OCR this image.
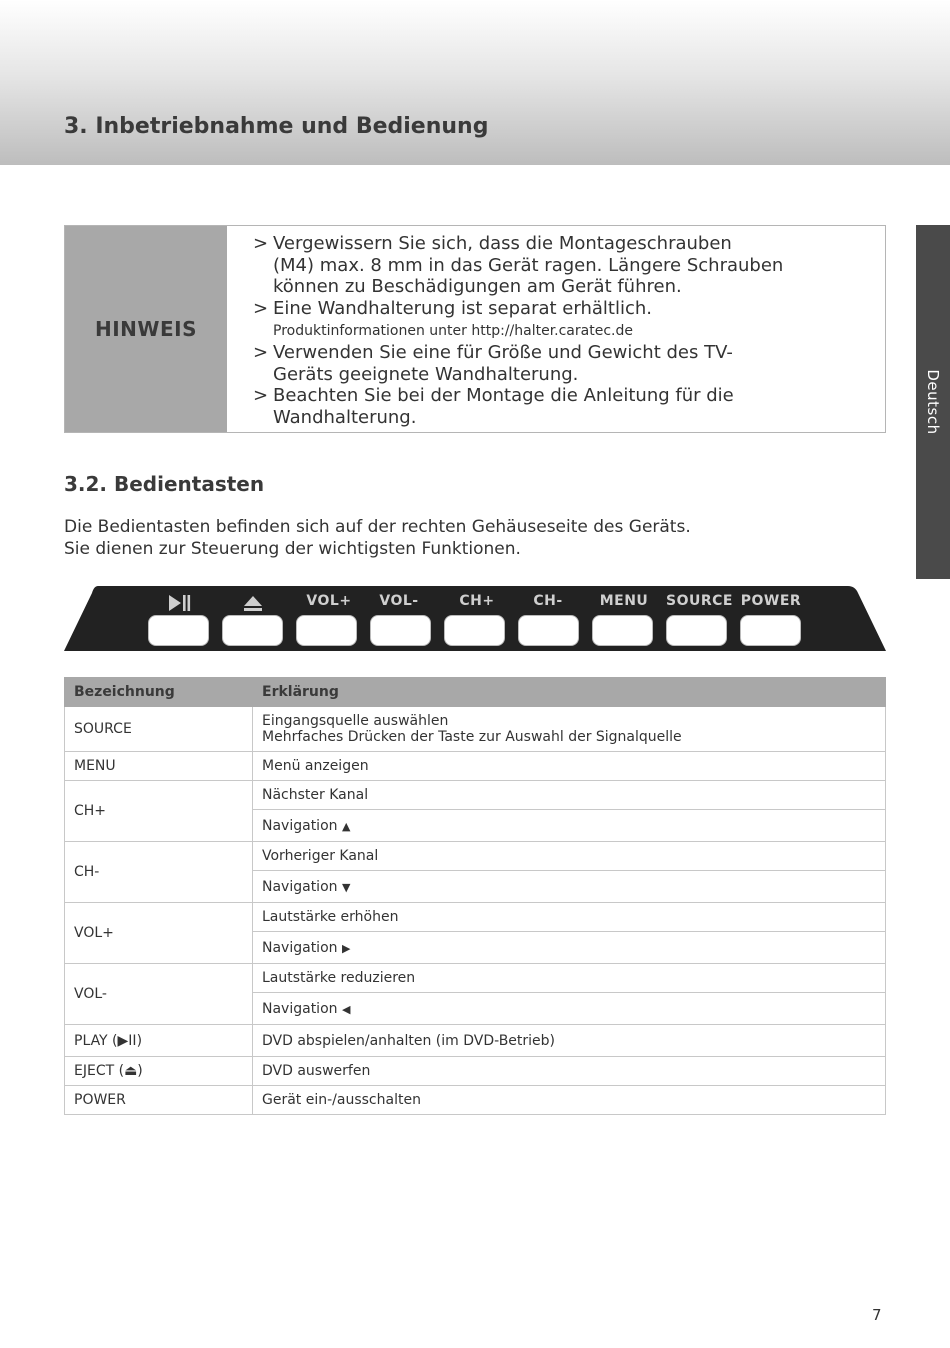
3. Inbetriebnahme und Bedienung
Deutsch
HINWEIS
> Vergewissern Sie sich, dass die Montageschrauben
(M4) max. 8 mm in das Gerät ragen. Längere Schrauben
können zu Beschädigungen am Gerät führen.
> Eine Wandhalterung ist separat erhältlich.
Produktinformationen unter http://halter.caratec.de
> Verwenden Sie eine für Größe und Gewicht des TV-
Geräts geeignete Wandhalterung.
> Beachten Sie bei der Montage die Anleitung für die
Wandhalterung.
3.2. Bedientasten
Die Bedientasten befinden sich auf der rechten Gehäuseseite des Geräts.
Sie dienen zur Steuerung der wichtigsten Funktionen.
VOL+	VOL-	CH+	CH-	MENU	SOURCE POWER
Bezeichnung	Erklärung
SOURCE	Eingangsquelle auswählen
Mehrfaches Drücken der Taste zur Auswahl der Signalquelle

MENU	Menü anzeigen
CH+	Nächster Kanal
	Navigation ▲
CH-	Vorheriger Kanal
	Navigation ▼
VOL+	Lautstärke erhöhen
	Navigation ▶
VOL-	Lautstärke reduzieren
	Navigation ◀
PLAY (▶II)	DVD abspielen/anhalten (im DVD-Betrieb)
EJECT (⏏)	DVD auswerfen
POWER	Gerät ein-/ausschalten
7
